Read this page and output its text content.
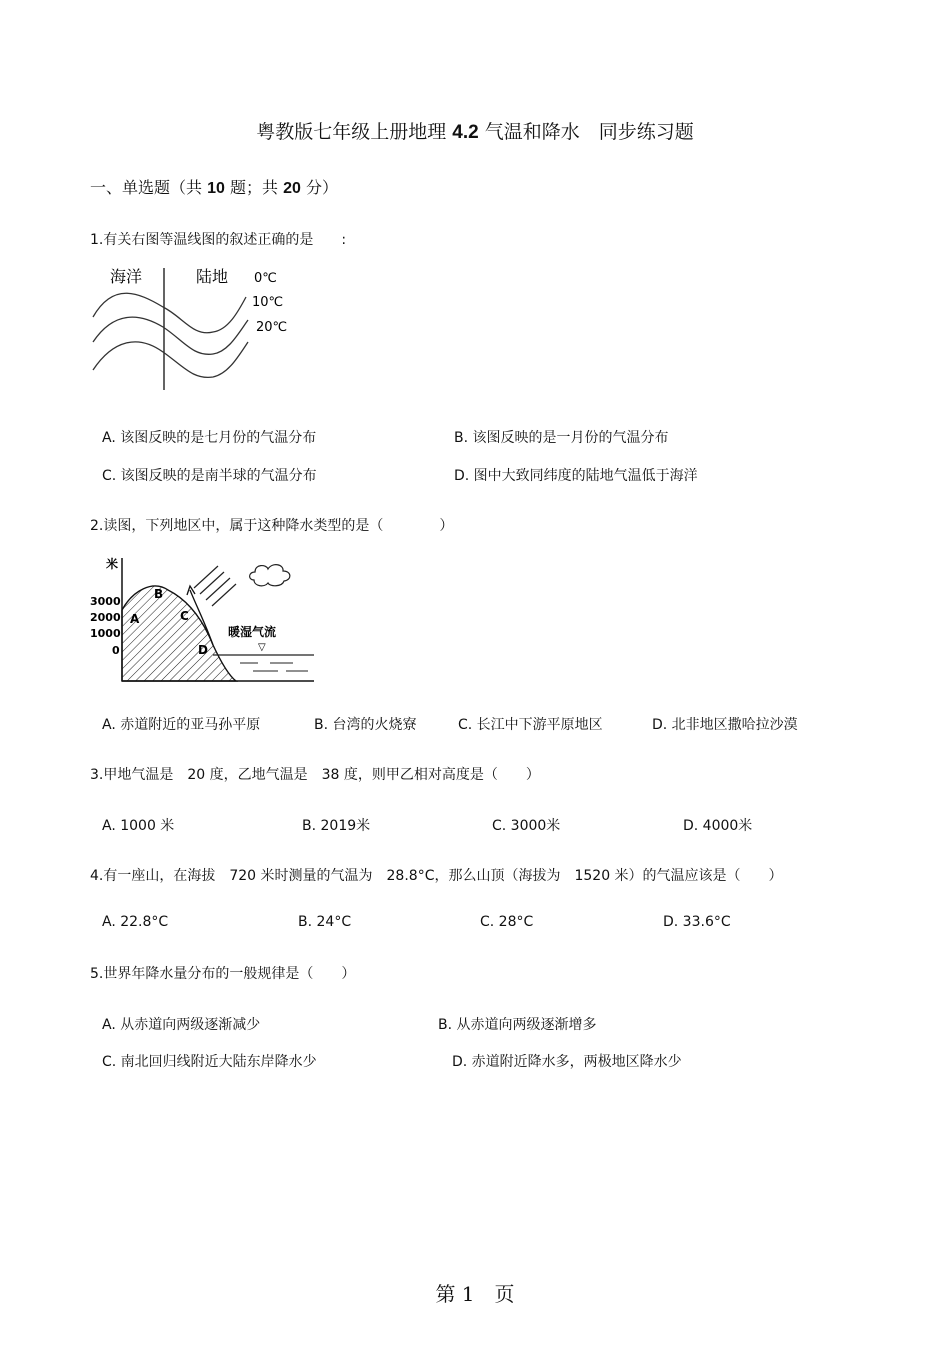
粤教版七年级上册地理 4.2 气温和降水　同步练习题
一、单选题（共 10 题；共 20 分）
1.有关右图等温线图的叙述正确的是　　:
海洋	陆地 0℃
10℃
20℃
A. 该图反映的是七月份的气温分布	B. 该图反映的是一月份的气温分布
C. 该图反映的是南半球的气温分布	D. 图中大致同纬度的陆地气温低于海洋
2.读图，下列地区中，属于这种降水类型的是（　　　　）
米
3000
2000
1000
0
A
B
C
D
暖湿气流
▽
A. 赤道附近的亚马孙平原	B. 台湾的火烧寮	C. 长江中下游平原地区	D. 北非地区撒哈拉沙漠
3.甲地气温是　20 度，乙地气温是　38 度，则甲乙相对高度是（　　）
A. 1000 米	B. 2019米	C. 3000米	D. 4000米
4.有一座山，在海拔　720 米时测量的气温为　28.8°C，那么山顶（海拔为　1520 米）的气温应该是（　　）
A. 22.8°C	B. 24°C	C. 28°C	D. 33.6°C
5.世界年降水量分布的一般规律是（　　）
A. 从赤道向两级逐渐减少	B. 从赤道向两级逐渐增多
C. 南北回归线附近大陆东岸降水少	D. 赤道附近降水多，两极地区降水少
第 1　页
